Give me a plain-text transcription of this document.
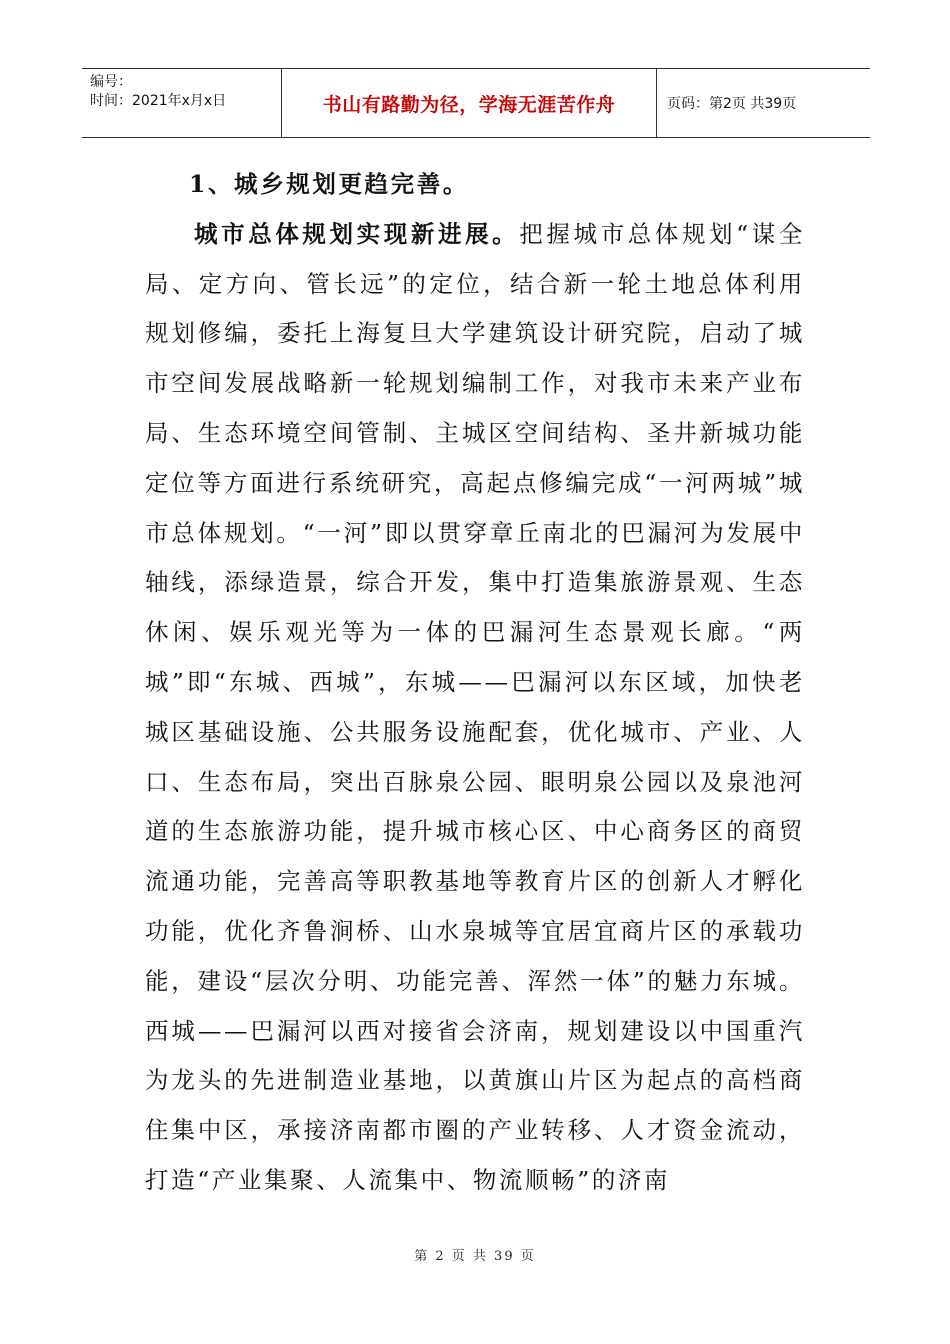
编号：
时间：2021年x月x日	书山有路勤为径，学海无涯苦作舟	页码：第2页 共39页

1、城乡规划更趋完善。

城市总体规划实现新进展。把握城市总体规划“谋全局、定方向、管长远”的定位，结合新一轮土地总体利用规划修编，委托上海复旦大学建筑设计研究院，启动了城市空间发展战略新一轮规划编制工作，对我市未来产业布局、生态环境空间管制、主城区空间结构、圣井新城功能定位等方面进行系统研究，高起点修编完成“一河两城”城市总体规划。“一河”即以贯穿章丘南北的巴漏河为发展中轴线，添绿造景，综合开发，集中打造集旅游景观、生态休闲、娱乐观光等为一体的巴漏河生态景观长廊。“两城”即“东城、西城”，东城——巴漏河以东区域，加快老城区基础设施、公共服务设施配套，优化城市、产业、人口、生态布局，突出百脉泉公园、眼明泉公园以及泉池河道的生态旅游功能，提升城市核心区、中心商务区的商贸流通功能，完善高等职教基地等教育片区的创新人才孵化功能，优化齐鲁涧桥、山水泉城等宜居宜商片区的承载功能，建设“层次分明、功能完善、浑然一体”的魅力东城。西城——巴漏河以西对接省会济南，规划建设以中国重汽为龙头的先进制造业基地，以黄旗山片区为起点的高档商住集中区，承接济南都市圈的产业转移、人才资金流动，打造“产业集聚、人流集中、物流顺畅”的济南

第 2 页 共 39 页
